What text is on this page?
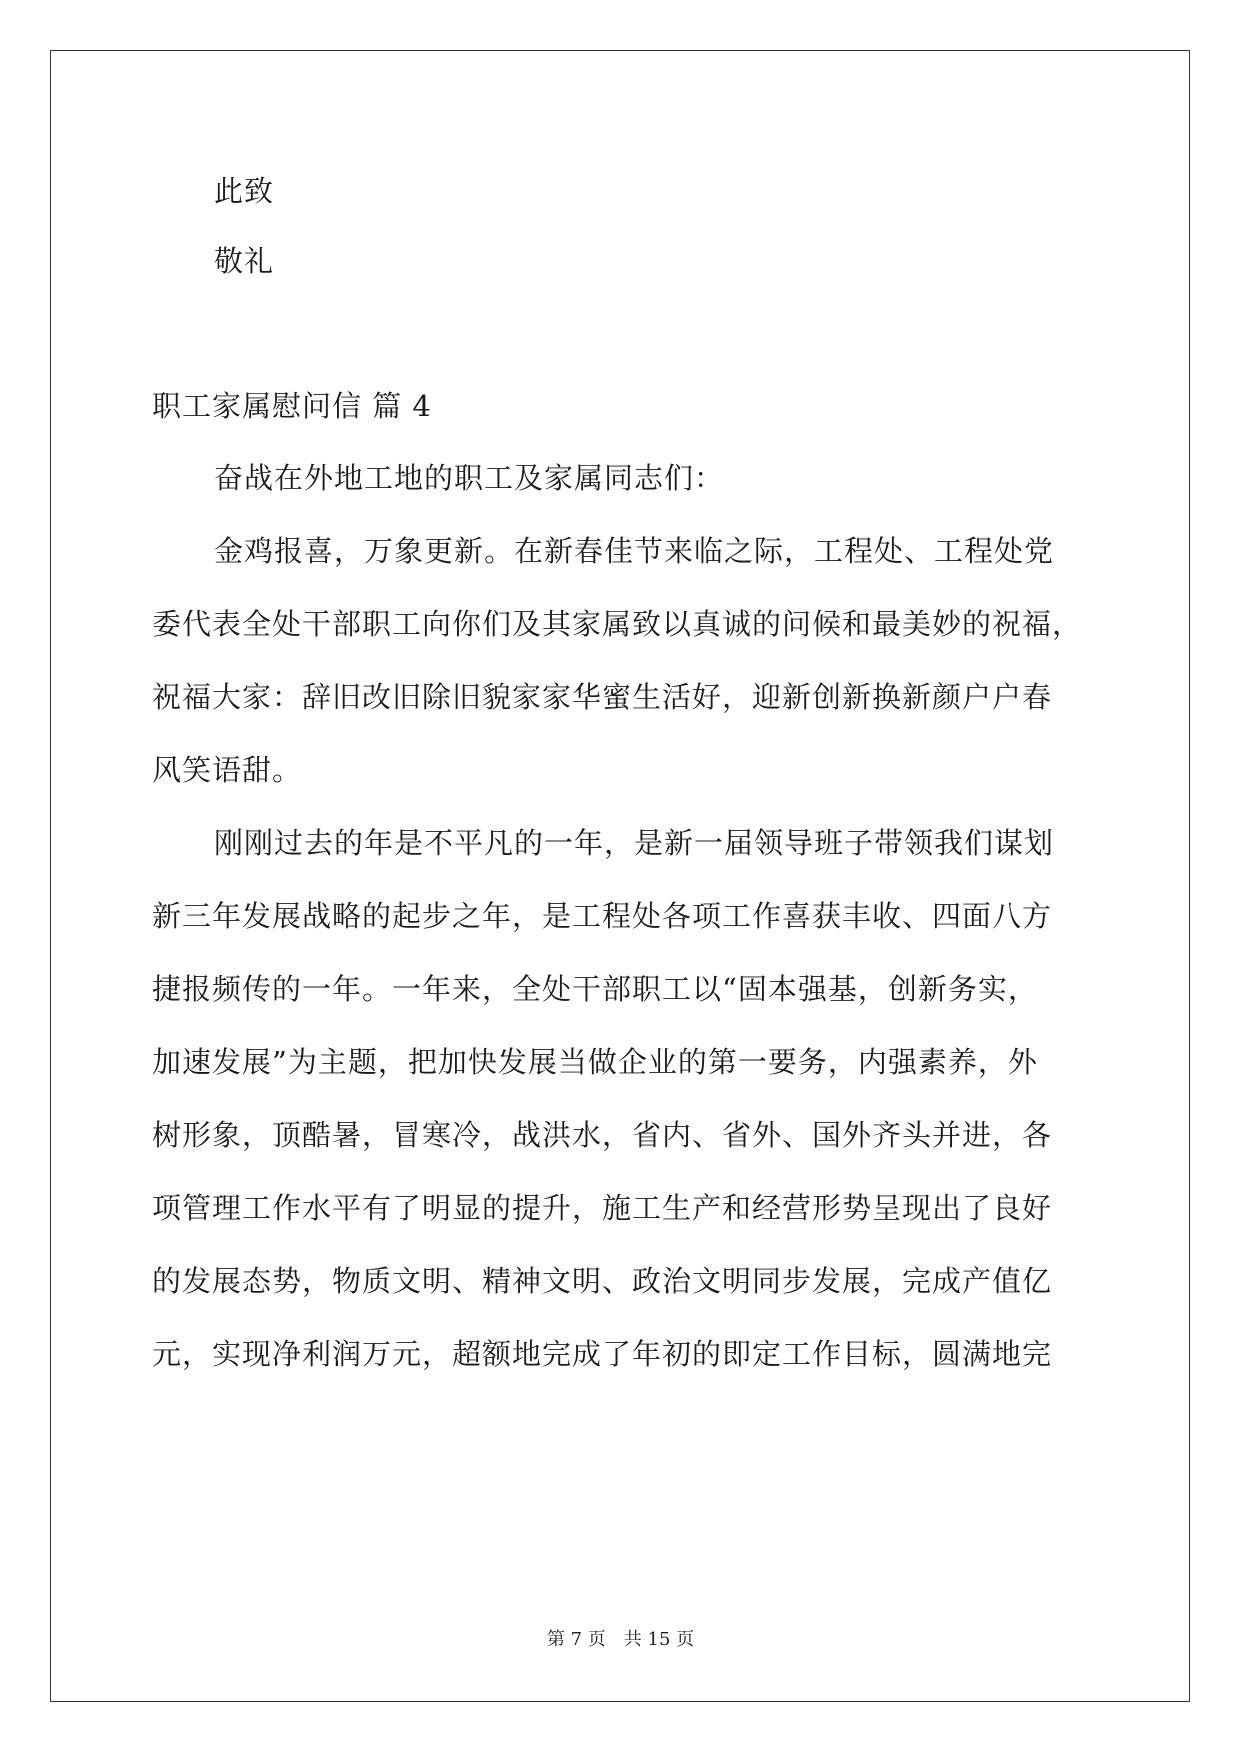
此致
敬礼
职工家属慰问信 篇 4
奋战在外地工地的职工及家属同志们：
金鸡报喜，万象更新。在新春佳节来临之际，工程处、工程处党
委代表全处干部职工向你们及其家属致以真诚的问候和最美妙的祝福，
祝福大家：辞旧改旧除旧貌家家华蜜生活好，迎新创新换新颜户户春
风笑语甜。
刚刚过去的年是不平凡的一年，是新一届领导班子带领我们谋划
新三年发展战略的起步之年，是工程处各项工作喜获丰收、四面八方
捷报频传的一年。一年来，全处干部职工以“固本强基，创新务实，
加速发展”为主题，把加快发展当做企业的第一要务，内强素养，外
树形象，顶酷暑，冒寒冷，战洪水，省内、省外、国外齐头并进，各
项管理工作水平有了明显的提升，施工生产和经营形势呈现出了良好
的发展态势，物质文明、精神文明、政治文明同步发展，完成产值亿
元，实现净利润万元，超额地完成了年初的即定工作目标，圆满地完
第 7 页 共 15 页
